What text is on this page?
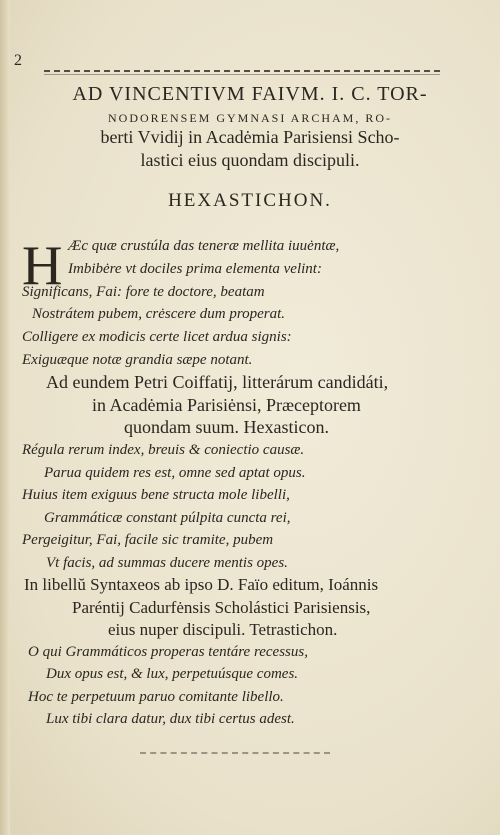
2
AD VINCENTIVM FAIVM. I. C. TOR-
NODORENSEM GYMNASI ARCHAM, RO-
berti Vvidij in Acadėmia Parisiensi Scho-
lastici eius quondam discipuli.
HEXASTICHON.
H Æc quæ crustúla das teneræ mellita iuuėntæ,
Imbibėre vt dociles prima elementa velint:
Significans, Fai: fore te doctore, beatam
Nostrátem pubem, crėscere dum properat.
Colligere ex modicis certe licet ardua signis:
Exiguæque notæ grandia sæpe notant.
Ad eundem Petri Coiffatij, litterárum candidáti,
in Acadėmia Parisiėnsi, Præceptorem
quondam suum. Hexasticon.
Régula rerum index, breuis & coniectio causæ.
Parua quidem res est, omne sed aptat opus.
Huius item exiguus bene structa mole libelli,
Grammáticæ constant púlpita cuncta rei,
Pergeigitur, Fai, facile sic tramite, pubem
Vt facis, ad summas ducere mentis opes.
In libellŭ Syntaxeos ab ipso D. Faïo editum, Ioánnis
Paréntij Cadurfėnsis Scholástici Parisiensis,
eius nuper discipuli. Tetrastichon.
O qui Grammáticos properas tentáre recessus,
Dux opus est, & lux, perpetuúsque comes.
Hoc te perpetuum paruo comitante libello.
Lux tibi clara datur, dux tibi certus adest.
